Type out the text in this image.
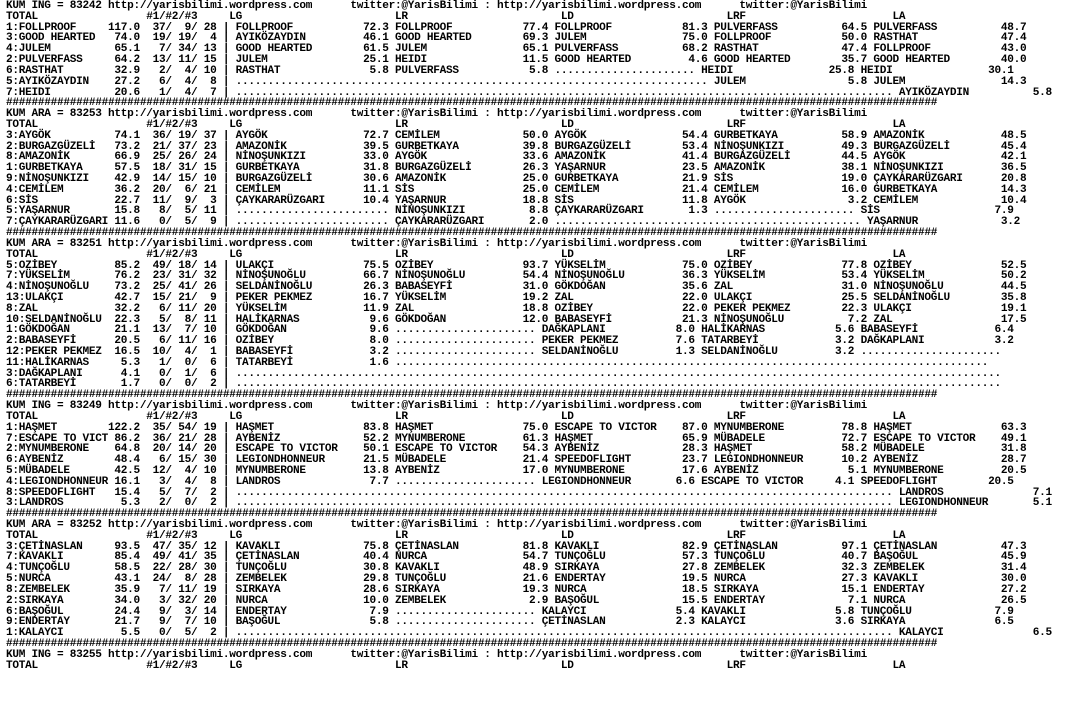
KUM ING = 83242 http://yarisbilimi.wordpress.com      twitter:@YarisBilimi : http://yarisbilimi.wordpress.com      twitter:@YarisBilimi
TOTAL                 #1/#2/#3     LG                        LR                        LD                        LRF                       LA
1:FOLLPROOF     117.0  37/  9/ 28 | FOLLPROOF           72.3 FOLLPROOF           77.4 FOLLPROOF           81.3 PULVERFASS          64.5 PULVERFASS          48.7
3:GOOD HEARTED   74.0  19/ 19/  4 | AYIKÖZAYDIN         46.1 GOOD HEARTED        69.3 JULEM               75.0 FOLLPROOF           50.0 RASTHAT             47.4
4:JULEM          65.1   7/ 34/ 13 | GOOD HEARTED        61.5 JULEM               65.1 PULVERFASS          68.2 RASTHAT             47.4 FOLLPROOF           43.0
2:PULVERFASS     64.2  13/ 11/ 15 | JULEM               25.1 HEIDI               11.5 GOOD HEARTED         4.6 GOOD HEARTED        35.7 GOOD HEARTED        40.0
6:RASTHAT        32.9   2/  4/ 10 | RASTHAT              5.8 PULVERFASS           5.8 ...................... HEIDI               25.8 HEIDI               30.1
5:AYIKÖZAYDIN    27.2   6/  4/  8 | .......................................................................... JULEM                5.8 JULEM               14.3
7:HEIDI          20.6   1/  4/  7 | ....................................................................................................... AYIKÖZAYDIN          5.8
##################################################################################################################################################
KUM ARA = 83253 http://yarisbilimi.wordpress.com      twitter:@YarisBilimi : http://yarisbilimi.wordpress.com      twitter:@YarisBilimi
TOTAL                 #1/#2/#3     LG                        LR                        LD                        LRF                       LA
3:AYGÖK          74.1  36/ 19/ 37 | AYGÖK               72.7 CEMİLEM             50.0 AYGÖK               54.4 GURBETKAYA          58.9 AMAZONİK            48.5
2:BURGAZGÜZELİ   73.2  21/ 37/ 23 | AMAZONİK            39.5 GURBETKAYA          39.8 BURGAZGÜZELİ        53.4 NİNOŞUNKIZI         49.3 BURGAZGÜZELİ        45.4
8:AMAZONİK       66.9  25/ 26/ 24 | NİNOŞUNKIZI         33.0 AYGÖK               33.6 AMAZONİK            41.4 BURGAZGÜZELİ        44.5 AYGÖK               42.1
1:GURBETKAYA     57.5  18/ 31/ 15 | GURBETKAYA          31.8 BURGAZGÜZELİ        26.3 YAŞARNUR            23.5 AMAZONİK            38.1 NİNOŞUNKIZI         36.5
9:NİNOŞUNKIZI    42.9  14/ 15/ 10 | BURGAZGÜZELİ        30.6 AMAZONİK            25.0 GURBETKAYA          21.9 SİS                 19.0 ÇAYKARARÜZGARI      20.8
4:CEMİLEM        36.2  20/  6/ 21 | CEMİLEM             11.1 SİS                 25.0 CEMİLEM             21.4 CEMİLEM             16.0 GURBETKAYA          14.3
6:SİS            22.7  11/  9/  3 | ÇAYKARARÜZGARI      10.4 YAŞARNUR            18.8 SİS                 11.8 AYGÖK                3.2 CEMİLEM             10.4
5:YAŞARNUR       15.8   8/  5/ 11 | ........................ NİNOŞUNKIZI          8.8 ÇAYKARARÜZGARI       1.3 ...................... SİS                  7.9
7:ÇAYKARARÜZGARI 11.6   0/  5/  9 | ........................ ÇAYKARARÜZGARI       2.0 ................................................ YAŞARNUR             3.2
##################################################################################################################################################
KUM ARA = 83251 http://yarisbilimi.wordpress.com      twitter:@YarisBilimi : http://yarisbilimi.wordpress.com      twitter:@YarisBilimi
TOTAL                 #1/#2/#3     LG                        LR                        LD                        LRF                       LA
5:OZİBEY         85.2  49/ 18/ 14 | ULAKÇI              75.5 OZİBEY              93.7 YÜKSELİM            75.0 OZİBEY              77.8 OZİBEY              52.5
7:YÜKSELİM       76.2  23/ 31/ 32 | NİNOŞUNOĞLU         66.7 NİNOŞUNOĞLU         54.4 NİNOŞUNOĞLU         36.3 YÜKSELİM            53.4 YÜKSELİM            50.2
4:NİNOŞUNOĞLU    73.2  25/ 41/ 26 | SELDANİNOĞLU        26.3 BABASEYFİ           31.0 GÖKDOĞAN            35.6 ZAL                 31.0 NİNOŞUNOĞLU         44.5
13:ULAKÇI        42.7  15/ 21/  9 | PEKER PEKMEZ        16.7 YÜKSELİM            19.2 ZAL                 22.0 ULAKÇI              25.5 SELDANİNOĞLU        35.8
8:ZAL            32.2   6/ 11/ 20 | YÜKSELİM            11.9 ZAL                 18.8 OZİBEY              22.0 PEKER PEKMEZ        22.3 ULAKÇI              19.1
10:SELDANİNOĞLU  22.3   5/  8/ 11 | HALİKARNAS           9.6 GÖKDOĞAN            12.0 BABASEYFİ           21.3 NİNOŞUNOĞLU          7.2 ZAL                 17.5
1:GÖKDOĞAN       21.1  13/  7/ 10 | GÖKDOĞAN             9.6 ...................... DAĞKAPLANI           8.0 HALİKARNAS           5.6 BABASEYFİ            6.4
2:BABASEYFİ      20.5   6/ 11/ 16 | OZİBEY               8.0 ...................... PEKER PEKMEZ         7.6 TATARBEYİ            3.2 DAĞKAPLANI           3.2
12:PEKER PEKMEZ  16.5  10/  4/  1 | BABASEYFİ            3.2 ...................... SELDANİNOĞLU         1.3 SELDANİNOĞLU         3.2 ......................
11:HALİKARNAS     5.3   1/  0/  6 | TATARBEYİ            1.6 .............................................................................................
3:DAĞKAPLANI      4.1   0/  1/  6 | ........................................................................................................................
6:TATARBEYİ       1.7   0/  0/  2 | ........................................................................................................................
##################################################################################################################################################
KUM ING = 83249 http://yarisbilimi.wordpress.com      twitter:@YarisBilimi : http://yarisbilimi.wordpress.com      twitter:@YarisBilimi
TOTAL                 #1/#2/#3     LG                        LR                        LD                        LRF                       LA
1:HAŞMET        122.2  35/ 54/ 19 | HAŞMET              83.8 HAŞMET              75.0 ESCAPE TO VICTOR    87.0 MYNUMBERONE         78.8 HAŞMET              63.3
7:ESCAPE TO VICT 86.2  36/ 21/ 28 | AYBENİZ             52.2 MYNUMBERONE         61.3 HAŞMET              65.9 MÜBADELE            72.7 ESCAPE TO VICTOR    49.1
2:MYNUMBERONE    64.8  20/ 14/ 20 | ESCAPE TO VICTOR    50.1 ESCAPE TO VICTOR    54.3 AYBENİZ             28.3 HAŞMET              58.2 MÜBADELE            31.8
6:AYBENİZ        48.4   6/ 15/ 30 | LEGIONDHONNEUR      21.5 MÜBADELE            21.4 SPEEDOFLIGHT        23.7 LEGIONDHONNEUR      10.2 AYBENİZ             28.7
5:MÜBADELE       42.5  12/  4/ 10 | MYNUMBERONE         13.8 AYBENİZ             17.0 MYNUMBERONE         17.6 AYBENİZ              5.1 MYNUMBERONE         20.5
4:LEGIONDHONNEUR 16.1   3/  4/  8 | LANDROS              7.7 ...................... LEGIONDHONNEUR       6.6 ESCAPE TO VICTOR     4.1 SPEEDOFLIGHT        20.5
8:SPEEDOFLIGHT   15.4   5/  7/  2 | ....................................................................................................... LANDROS              7.1
3:LANDROS         5.3   2/  0/  2 | ....................................................................................................... LEGIONDHONNEUR       5.1
##################################################################################################################################################
KUM ARA = 83252 http://yarisbilimi.wordpress.com      twitter:@YarisBilimi : http://yarisbilimi.wordpress.com      twitter:@YarisBilimi
TOTAL                 #1/#2/#3     LG                        LR                        LD                        LRF                       LA
3:ÇETİNASLAN     93.5  47/ 35/ 12 | KAVAKLI             75.8 ÇETİNASLAN          81.8 KAVAKLI             82.9 ÇETİNASLAN          97.1 ÇETİNASLAN          47.3
7:KAVAKLI        85.4  49/ 41/ 35 | ÇETİNASLAN          40.4 NURCA               54.7 TUNÇOĞLU            57.3 TUNÇOĞLU            40.7 BAŞOĞUL             45.9
4:TUNÇOĞLU       58.5  22/ 28/ 30 | TUNÇOĞLU            30.8 KAVAKLI             48.9 SIRKAYA             27.8 ZEMBELEK            32.3 ZEMBELEK            31.4
5:NURCA          43.1  24/  8/ 28 | ZEMBELEK            29.8 TUNÇOĞLU            21.6 ENDERTAY            19.5 NURCA               27.3 KAVAKLI             30.0
8:ZEMBELEK       35.9   7/ 11/ 19 | SIRKAYA             28.6 SIRKAYA             19.3 NURCA               18.5 SIRKAYA             15.1 ENDERTAY            27.2
2:SIRKAYA        34.0   3/ 32/ 20 | NURCA               10.0 ZEMBELEK             2.9 BAŞOĞUL             15.5 ENDERTAY             7.1 NURCA               26.5
6:BAŞOĞUL        24.4   9/  3/ 14 | ENDERTAY             7.9 ...................... KALAYCI              5.4 KAVAKLI              5.8 TUNÇOĞLU             7.9
9:ENDERTAY       21.7   9/  7/ 10 | BAŞOĞUL              5.8 ...................... ÇETİNASLAN           2.3 KALAYCI              3.6 SIRKAYA              6.5
1:KALAYCI         5.5   0/  5/  2 | ....................................................................................................... KALAYCI              6.5
##################################################################################################################################################
KUM ING = 83255 http://yarisbilimi.wordpress.com      twitter:@YarisBilimi : http://yarisbilimi.wordpress.com      twitter:@YarisBilimi
TOTAL                 #1/#2/#3     LG                        LR                        LD                        LRF                       LA
